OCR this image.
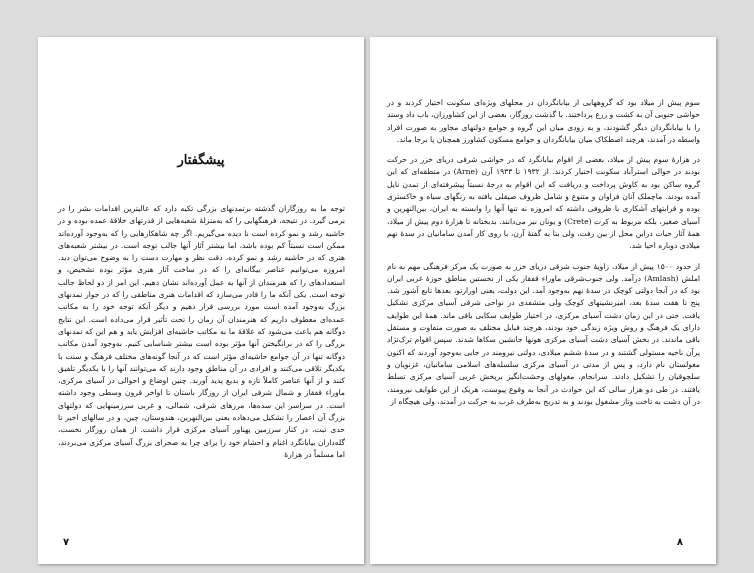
پیشگفتار

توجه ما به روزگاران گذشته برتمدنهای بزرگی تکیه دارد که عالیترین اقدامات بشر را در برمی گیرد. در نتیجه، فرهنگهایی را که به‌منزلهٔ شعبه‌هایی از قدرتهای خلاقهٔ عمده بوده و در حاشیه رشد و نمو کرده است نا دیده می‌گیریم. اگر چه شاهکارهایی را که به‌وجود آورده‌اند ممکن است نسبتاً کم بوده باشد، اما بیشتر آثار آنها جالب توجه است. در بیشتر شعبه‌های هنری که در حاشیه رشد و نمو کرده، دقت نظر و مهارت دست را به وضوح می‌توان دید. امروزه می‌توانیم عناصر بیگانه‌ای را که در ساخت آثار هنری مؤثر بوده تشخیص، و استعدادهای را که هنرمندان از آنها به عمل آورده‌اند نشان دهیم. این امر از دو لحاظ جالب توجه است. یکی آنکه ما را قادر می‌سازد که اقدامات هنری مناطقی را که در جوار تمدنهای بزرگ به‌وجود آمده است مورد بررسی قرار دهیم و دیگر آنکه توجه خود را به مکاتب عمده‌ای معطوف داریم که هنرمندان آن زمان را تحت تأثیر قرار می‌داده است. این نتایج دوگانه هم باعث می‌شود که علاقهٔ ما به مکاتب حاشیه‌ای افزایش یابد و هم این که تمدنهای بزرگی را که در برانگیختن آنها مؤثر بوده است بیشتر شناسایی کنیم. به‌وجود آمدن مکاتب دوگانه تنها در آن جوامع حاشیه‌ای مؤثر است که در آنجا گونه‌های مختلف فرهنگ و سنت با یکدیگر تلاقی می‌کنند و افرادی در آن مناطق وجود دارند که می‌توانند آنها را با یکدیگر تلفیق کنند و از آنها عناصر کاملاً تازه و بدیع پدید آورند. چنین اوضاع و احوالی در آسیای مرکزی، ماوراء قفقاز و شمال شرقی ایران از روزگار باستان تا اواخر قرون وسطی وجود داشته است. در سراسر این سده‌ها، مرزهای شرقی، شمالی، و غربی سرزمینهایی که دولتهای بزرگ آن اعصار را تشکیل می‌دهاده یعنی بین‌النهرین، هندوستان، چین، و در سالهای اخیر تا حدی تبت، در کنار سرزمین پهناور آسیای مرکزی قرار داشت. از همان روزگار نخست، گله‌داران بیابانگرد اغنام و احشام خود را برای چرا به صحرای بزرگ آسیای مرکزی می‌بردند، اما مسلماً در هزارهٔ

۷

سوم پیش از میلاد بود که گروههایی از بیابانگردان در محلهای ویژه‌ای سکونت اختیار کردند و در حواشی جنوبی آن به کشت و زرع پرداختند. با گذشت روزگار، بعضی از این کشاورزان، باب داد وستد را با بیابانگردان دیگر گشودند، و به زودی میان این گروه و جوامع دولتهای مجاور به صورت افراد واسطه در آمدند، هرچند اصطکاک میان بیابانگردان و جوامع مسکون کشاورز همچنان پا برجا ماند.

در هزارهٔ سوم پیش از میلاد، بعضی از اقوام بیابانگرد که در حواشی شرقی دریای خزر در حرکت بودند در حوالی استرآباد سکونت اختیار کردند. از ۱۹۳۲ تا ۱۹۳۳ آرن (Arne) در منطقه‌ای که این گروه ساکن بود به کاوش پرداخت و دریافت که این اقوام به درجهٔ نسبتاً پیشرفته‌ای از تمدن نایل آمده بودند. ماچملک آنان فراوان و متنوع و شامل ظروف صیقلی یافته به رنگهای سیاه و خاکستری بوده و قرابتهای آشکاری با ظروفی داشته که امروزه نه تنها آنها را وابسته به ایران، بین‌النهرین و آسیای صغیر، بلکه مربوط به کرت (Crete) و یونان نیز می‌دانند. بدبختانه تا هزارهٔ دوم پیش از میلاد، همهٔ آثار حیات دراین محل از بین رفت، ولی بنا به گفتهٔ آرن، با روی کار آمدن سامانیان در سدهٔ نهم میلادی دوباره احیا شد.

از حدود ۱۵۰۰ پیش از میلاد، زاویهٔ جنوب شرقی دریای خزر به صورت یک مرکز فرهنگی مهم به نام املش (Amlash) درآمد. ولی جنوب‌شرقی ماوراء قفقاز یکی از نخستین مناطق حوزهٔ غربی ایران بود که در آنجا دولتی کوچک در سدهٔ نهم به‌وجود آمد. این دولت، یعنی اورارتو، بعدها تابع آشور شد. پنج تا هفت سدهٔ بعد، امیرنشینهای کوچک ولی متشفدی در نواحی شرقی آسیای مرکزی تشکیل یافت. حتی در این زمان دشت آسیای مرکزی، در اختیار طوایف سکایی باقی ماند. همهٔ این طوایف دارای یک فرهنگ و روش ویژه زندگی خود بودند، هرچند قبایل مختلف به صورت متفاوت و مستقل باقی ماندند. در بخش آسیای دشت آسیای مرکزی هونها جانشین سکاها شدند. سپس اقوام ترک‌نژاد پرآن ناحیه مستولی گشتند و در سدهٔ ششم میلادی، دولتی نیرومند در جایی به‌وجود آوردند که اکنون مغولستان نام دارد، و پس از مدتی در آسیای مرکزی سلسله‌های اسلامی سامانیان، غزنویان و سلجوقیان را تشکیل دادند. سرانجام، مغولهای وحشت‌انگیز برپخش غربی آسیای مرکزی تسلط یافتند. در طی دو هزار سالی که این حوادث در آنجا به وقوع پیوست، هریک از این طوایف نیرومند، در آن دشت به تاخت وتاز مشغول بودند و به تدریج به‌طرف غرب به حرکت در آمدند، ولی هیچگاه از

۸
